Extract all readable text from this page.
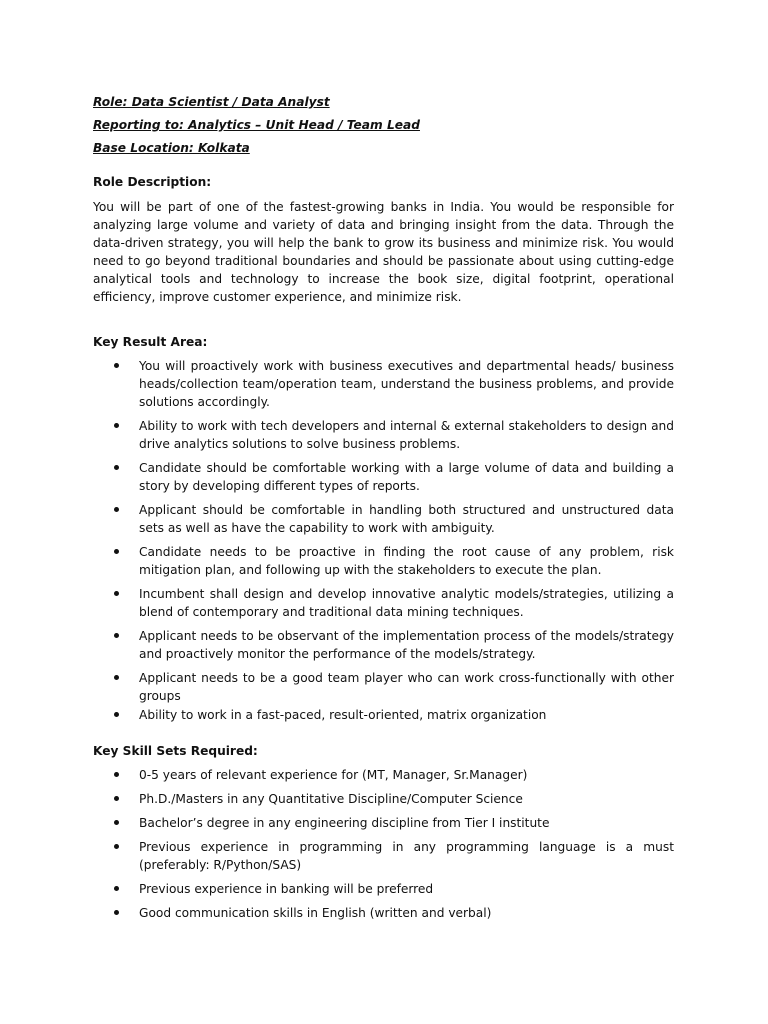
Role: Data Scientist / Data Analyst

Reporting to: Analytics – Unit Head / Team Lead

Base Location: Kolkata

Role Description:

You will be part of one of the fastest-growing banks in India. You would be responsible for analyzing large volume and variety of data and bringing insight from the data. Through the data-driven strategy, you will help the bank to grow its business and minimize risk. You would need to go beyond traditional boundaries and should be passionate about using cutting-edge analytical tools and technology to increase the book size, digital footprint, operational efficiency, improve customer experience, and minimize risk.

Key Result Area:

You will proactively work with business executives and departmental heads/ business heads/collection team/operation team, understand the business problems, and provide solutions accordingly.
Ability to work with tech developers and internal & external stakeholders to design and drive analytics solutions to solve business problems.
Candidate should be comfortable working with a large volume of data and building a story by developing different types of reports.
Applicant should be comfortable in handling both structured and unstructured data sets as well as have the capability to work with ambiguity.
Candidate needs to be proactive in finding the root cause of any problem, risk mitigation plan, and following up with the stakeholders to execute the plan.
Incumbent shall design and develop innovative analytic models/strategies, utilizing a blend of contemporary and traditional data mining techniques.
Applicant needs to be observant of the implementation process of the models/strategy and proactively monitor the performance of the models/strategy.
Applicant needs to be a good team player who can work cross-functionally with other groups
Ability to work in a fast-paced, result-oriented, matrix organization

Key Skill Sets Required:

0-5 years of relevant experience for (MT, Manager, Sr.Manager)
Ph.D./Masters in any Quantitative Discipline/Computer Science
Bachelor’s degree in any engineering discipline from Tier I institute
Previous experience in programming in any programming language is a must (preferably: R/Python/SAS)
Previous experience in banking will be preferred
Good communication skills in English (written and verbal)
